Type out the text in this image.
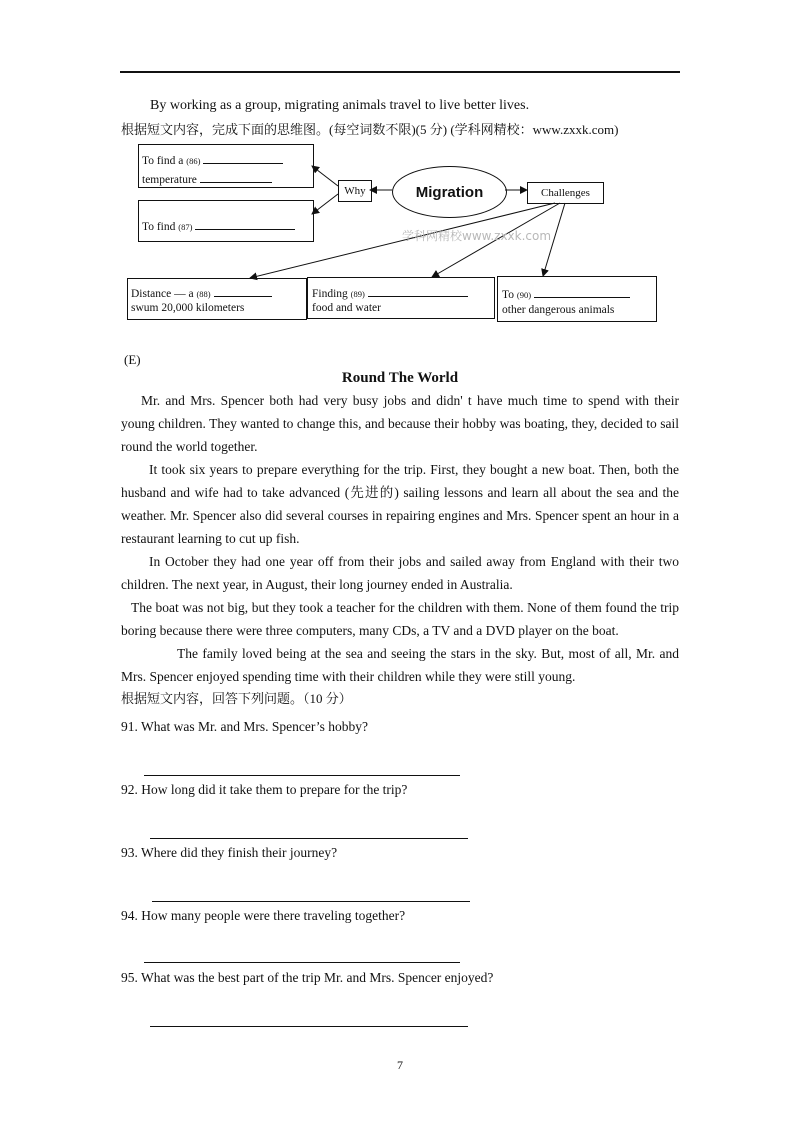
By working as a group, migrating animals travel to live better lives.
根据短文内容，完成下面的思维图。(每空词数不限)(5 分) (学科网精校：www.zxxk.com)
To find a (86)
temperature
To find (87)
Why	Migration	Challenges
学科网精校www.zxxk.com
Distance — a (88)
swum 20,000 kilometers
Finding (89)
food and water
To (90)
other dangerous animals
(E)
Round The World
Mr. and Mrs. Spencer both had very busy jobs and didn' t have much time to spend with their young children. They wanted to change this, and because their hobby was boating, they, decided to sail round the world together.
It took six years to prepare everything for the trip. First, they bought a new boat. Then, both the husband and wife had to take advanced (先进的) sailing lessons and learn all about the sea and the weather. Mr. Spencer also did several courses in repairing engines and Mrs. Spencer spent an hour in a restaurant learning to cut up fish.
In October they had one year off from their jobs and sailed away from England with their two children. The next year, in August, their long journey ended in Australia.
The boat was not big, but they took a teacher for the children with them. None of them found the trip boring because there were three computers, many CDs, a TV and a DVD player on the boat.
The family loved being at the sea and seeing the stars in the sky. But, most of all, Mr. and Mrs. Spencer enjoyed spending time with their children while they were still young.
根据短文内容，回答下列问题。（10 分）
91. What was Mr. and Mrs. Spencer’s hobby?
92. How long did it take them to prepare for the trip?
93. Where did they finish their journey?
94. How many people were there traveling together?
95. What was the best part of the trip Mr. and Mrs. Spencer enjoyed?
7
